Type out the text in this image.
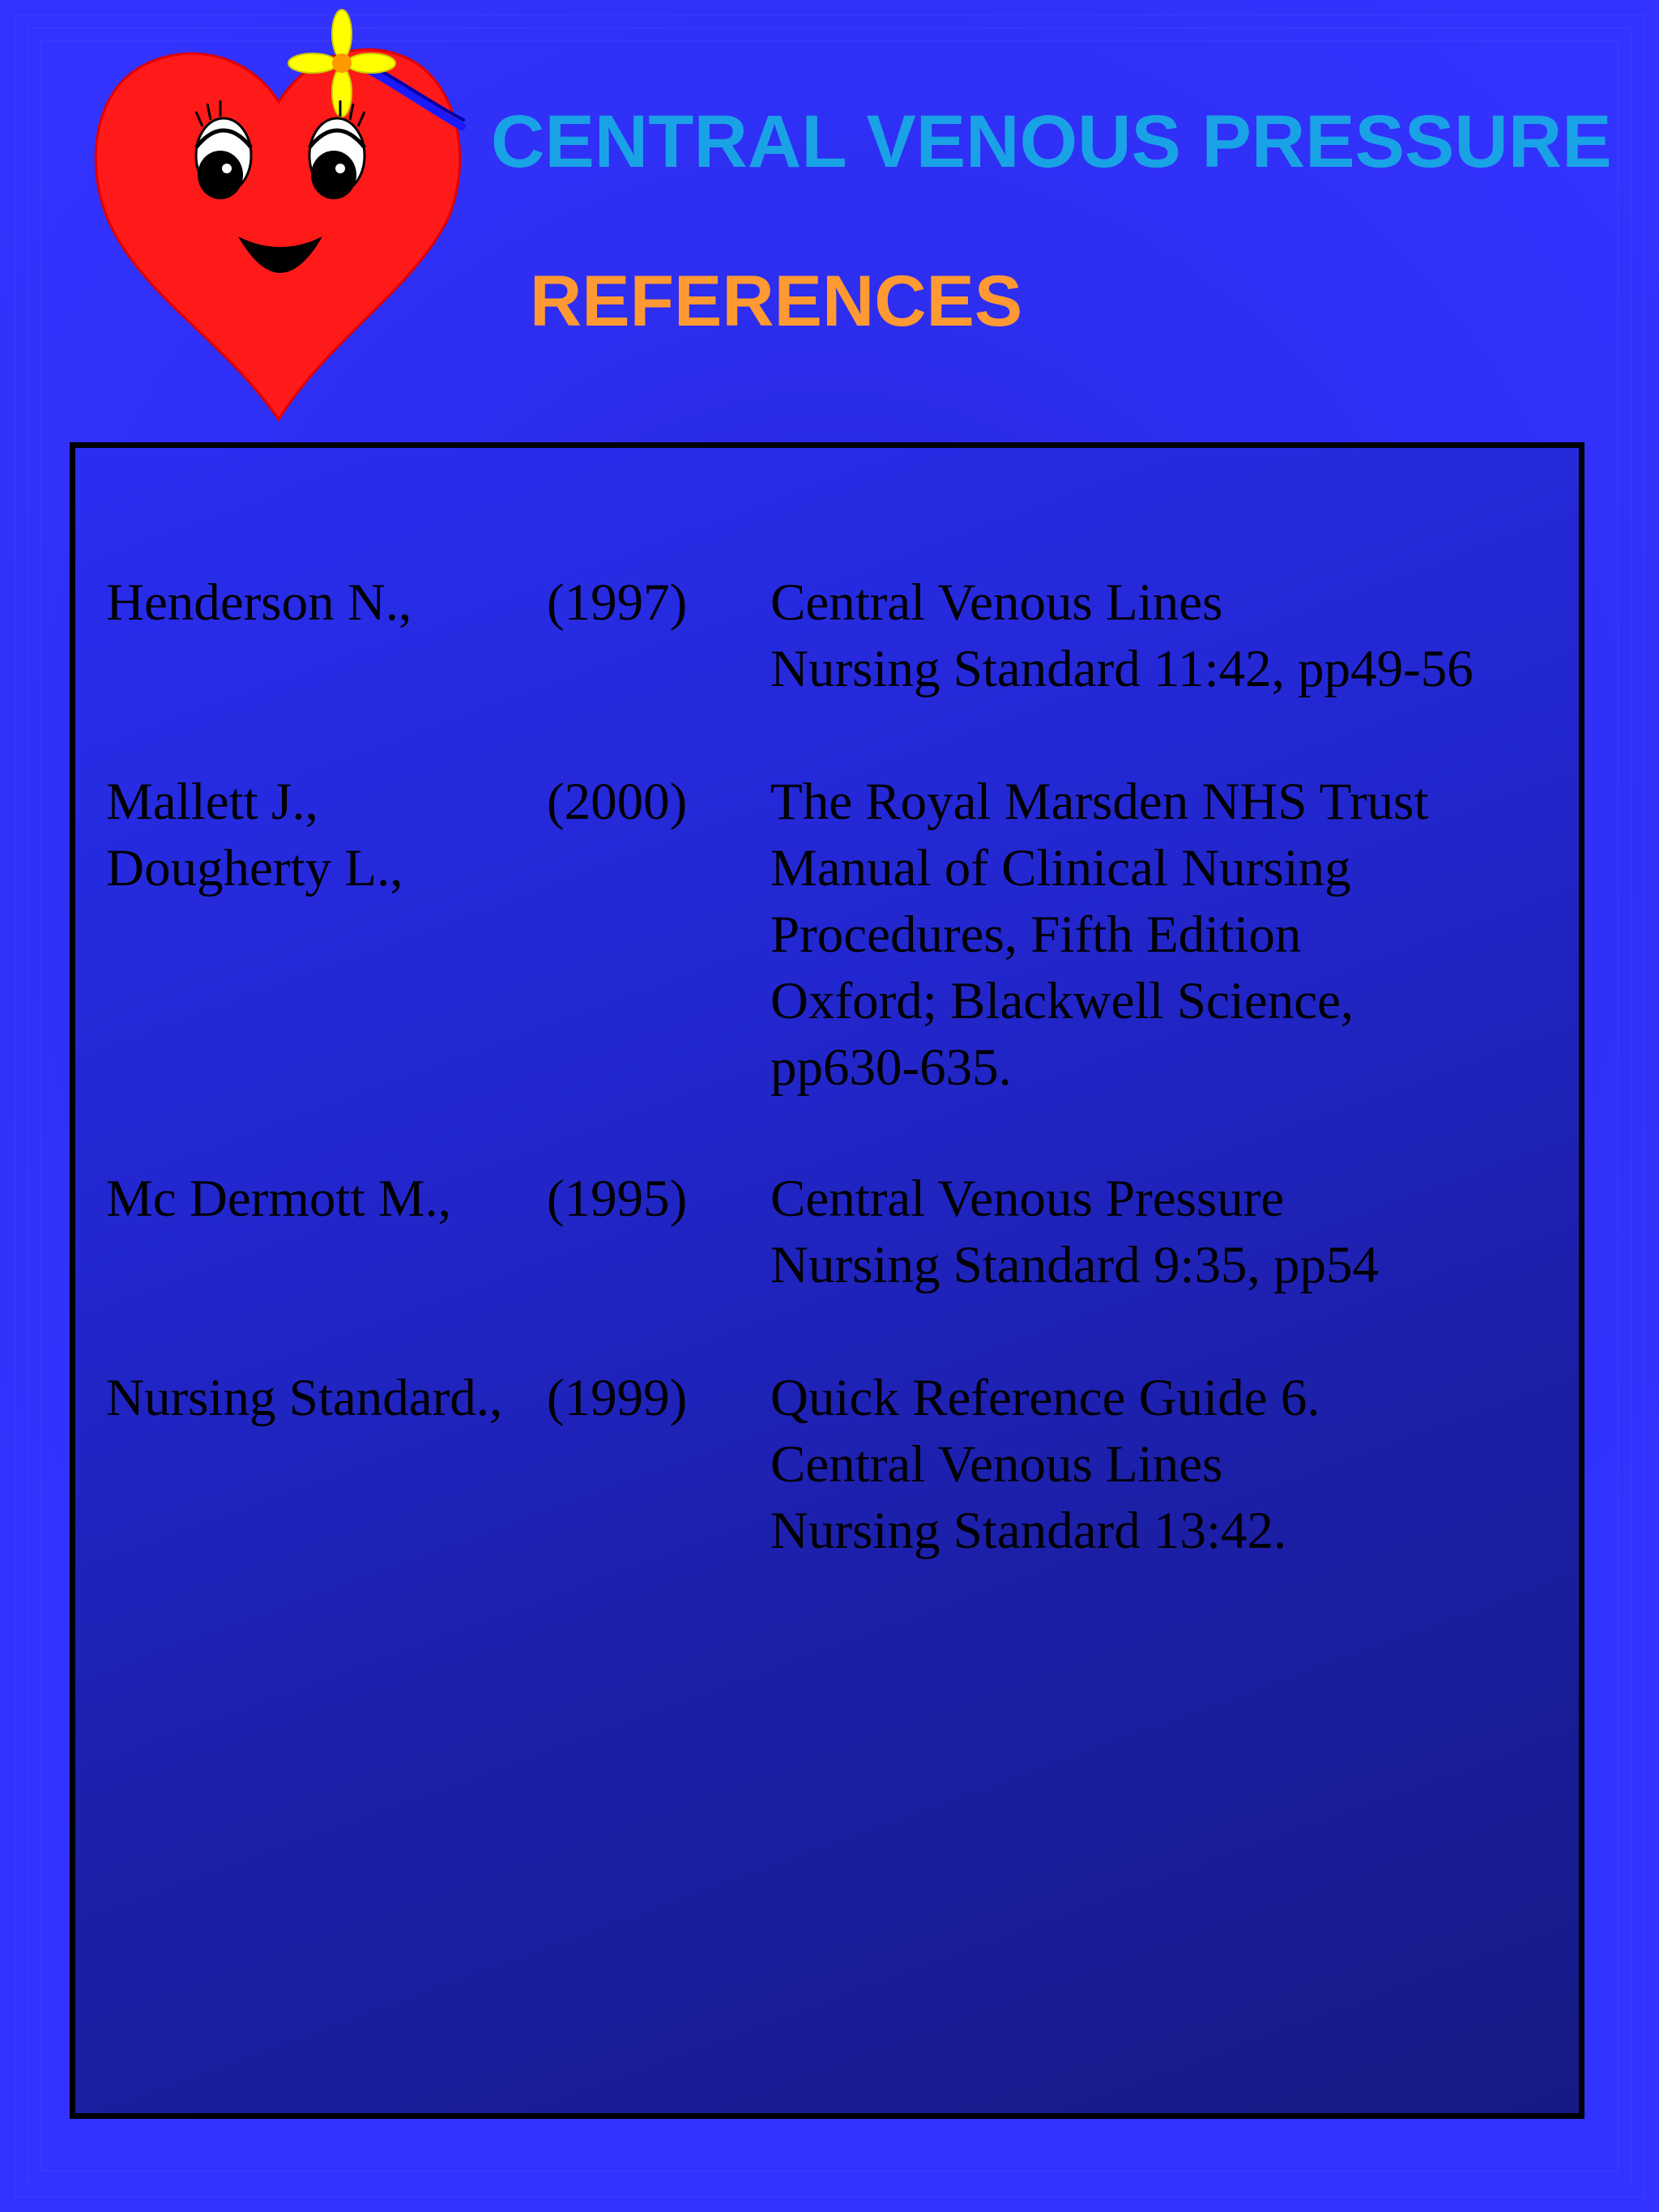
CENTRAL VENOUS PRESSURE
REFERENCES
Henderson N.,	(1997)	Central Venous Lines
Nursing Standard 11:42, pp49-56
Mallett J.,
Dougherty L.,
(2000)	The Royal Marsden NHS Trust
Manual of Clinical Nursing
Procedures, Fifth Edition
Oxford; Blackwell Science,
pp630-635.
Mc Dermott M.,	(1995)	Central Venous Pressure
Nursing Standard 9:35, pp54
Nursing Standard., (1999)	Quick Reference Guide 6.
Central Venous Lines
Nursing Standard 13:42.
